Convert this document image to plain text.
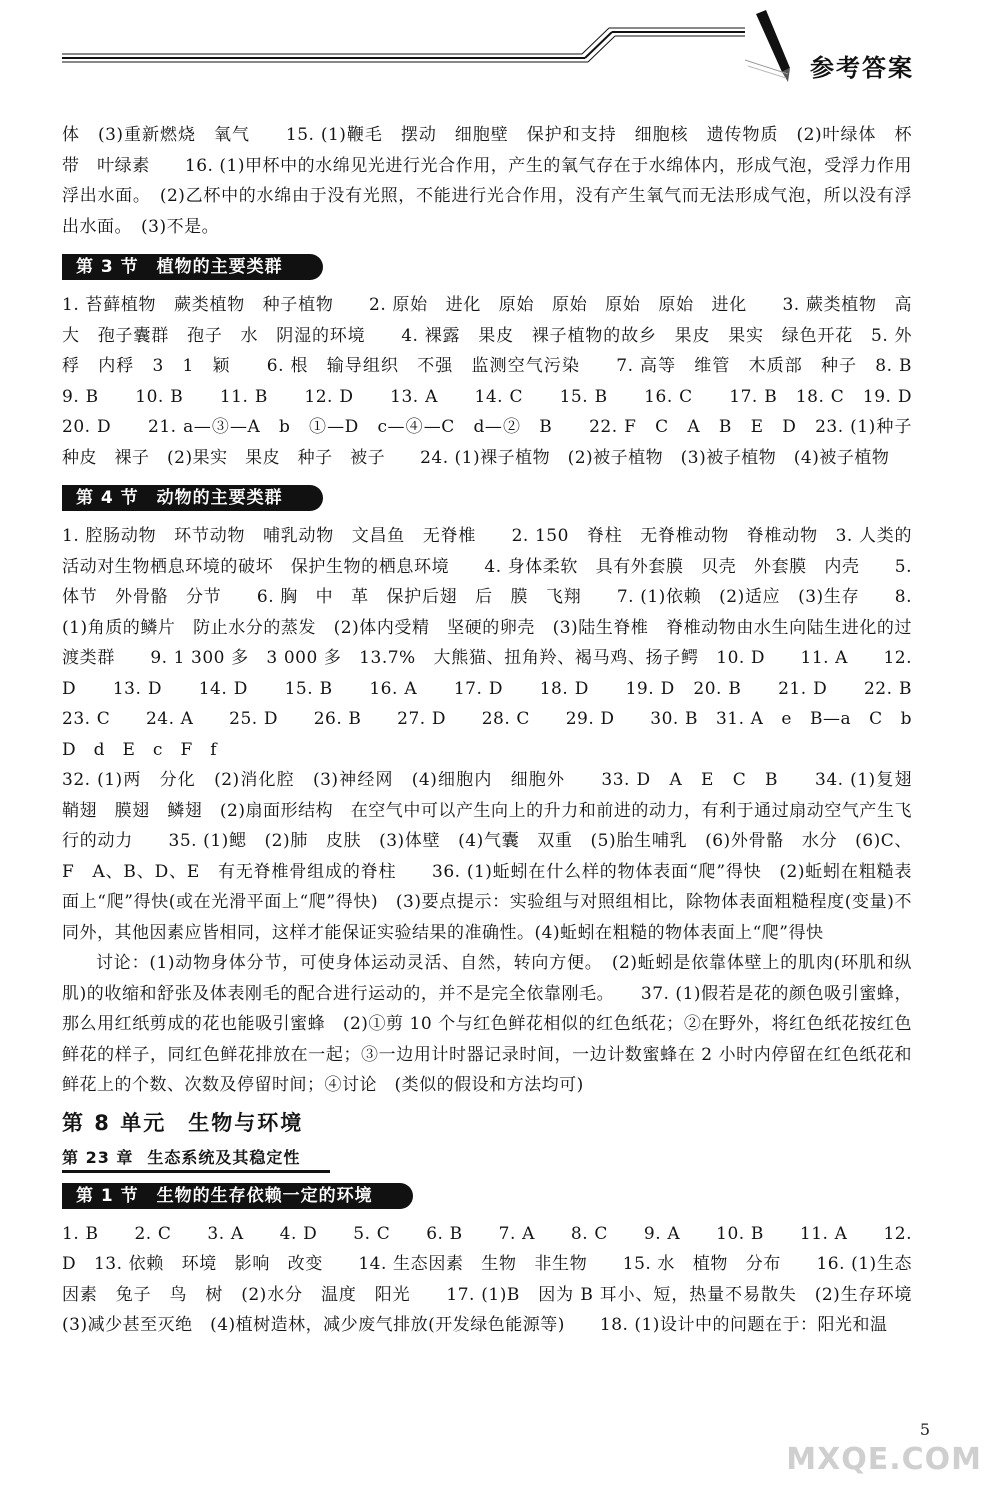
参考答案

体　(3)重新燃烧　氧气　　15. (1)鞭毛　摆动　细胞壁　保护和支持　细胞核　遗传物质　(2)叶绿体　杯　带　叶绿素　　16. (1)甲杯中的水绵见光进行光合作用，产生的氧气存在于水绵体内，形成气泡，受浮力作用浮出水面。　(2)乙杯中的水绵由于没有光照，不能进行光合作用，没有产生氧气而无法形成气泡，所以没有浮出水面。　(3)不是。

第 3 节 植物的主要类群

1. 苔藓植物　蕨类植物　种子植物　　2. 原始　进化　原始　原始　原始　原始　进化　　3. 蕨类植物　高大　孢子囊群　孢子　水　阴湿的环境　　4. 裸露　果皮　裸子植物的故乡　果皮　果实　绿色开花　5. 外稃　内稃　3　1　颖　　6. 根　输导组织　不强　监测空气污染　　7. 高等　维管　木质部　种子　8. B　　9. B　　10. B　　11. B　　12. D　　13. A　　14. C　　15. B　　16. C　　17. B　18. C　19. D　　20. D　　21. a—③—A　b　①—D　c—④—C　d—②　B　　22. F　C　A　B　E　D　23. (1)种子　种皮　裸子　(2)果实　果皮　种子　被子　　24. (1)裸子植物　(2)被子植物　(3)被子植物　(4)被子植物

第 4 节 动物的主要类群

1. 腔肠动物　环节动物　哺乳动物　文昌鱼　无脊椎　　2. 150　脊柱　无脊椎动物　脊椎动物　3. 人类的活动对生物栖息环境的破坏　保护生物的栖息环境　　4. 身体柔软　具有外套膜　贝壳　外套膜　内壳　　5. 体节　外骨骼　分节　　6. 胸　中　革　保护后翅　后　膜　飞翔　　7. (1)依赖　(2)适应　(3)生存　　8. (1)角质的鳞片　防止水分的蒸发　(2)体内受精　坚硬的卵壳　(3)陆生脊椎　脊椎动物由水生向陆生进化的过渡类群　　9. 1 300 多　3 000 多　13.7%　大熊猫、扭角羚、褐马鸡、扬子鳄　10. D　　11. A　　12. D　　13. D　　14. D　　15. B　　16. A　　17. D　　18. D　　19. D　20. B　　21. D　　22. B　　23. C　　24. A　　25. D　　26. B　　27. D　　28. C　　29. D　　30. B　31. A　e　B—a　C　b　D　d　E　c　F　f

32. (1)两　分化　(2)消化腔　(3)神经网　(4)细胞内　细胞外　　33. D　A　E　C　B　　34. (1)复翅　鞘翅　膜翅　鳞翅　(2)扇面形结构　在空气中可以产生向上的升力和前进的动力，有利于通过扇动空气产生飞行的动力　　35. (1)鳃　(2)肺　皮肤　(3)体壁　(4)气囊　双重　(5)胎生哺乳　(6)外骨骼　水分　(6)C、F　A、B、D、E　有无脊椎骨组成的脊柱　　36. (1)蚯蚓在什么样的物体表面“爬”得快　(2)蚯蚓在粗糙表面上“爬”得快(或在光滑平面上“爬”得快)　(3)要点提示：实验组与对照组相比，除物体表面粗糙程度(变量)不同外，其他因素应皆相同，这样才能保证实验结果的准确性。(4)蚯蚓在粗糙的物体表面上“爬”得快

讨论：(1)动物身体分节，可使身体运动灵活、自然，转向方便。　(2)蚯蚓是依靠体壁上的肌肉(环肌和纵肌)的收缩和舒张及体表刚毛的配合进行运动的，并不是完全依靠刚毛。　　37. (1)假若是花的颜色吸引蜜蜂，那么用红纸剪成的花也能吸引蜜蜂　(2)①剪 10 个与红色鲜花相似的红色纸花；②在野外，将红色纸花按红色鲜花的样子，同红色鲜花排放在一起；③一边用计时器记录时间，一边计数蜜蜂在 2 小时内停留在红色纸花和鲜花上的个数、次数及停留时间；④讨论　(类似的假设和方法均可)

第 8 单元 生物与环境
第 23 章 生态系统及其稳定性
第 1 节 生物的生存依赖一定的环境

1. B　　2. C　　3. A　　4. D　　5. C　　6. B　　7. A　　8. C　　9. A　　10. B　　11. A　　12. D　13. 依赖　环境　影响　改变　　14. 生态因素　生物　非生物　　15. 水　植物　分布　　16. (1)生态因素　兔子　鸟　树　(2)水分　温度　阳光　　17. (1)B　因为 B 耳小、短，热量不易散失　(2)生存环境　(3)减少甚至灭绝　(4)植树造林，减少废气排放(开发绿色能源等)　　18. (1)设计中的问题在于：阳光和温

5
MXQE.COM
